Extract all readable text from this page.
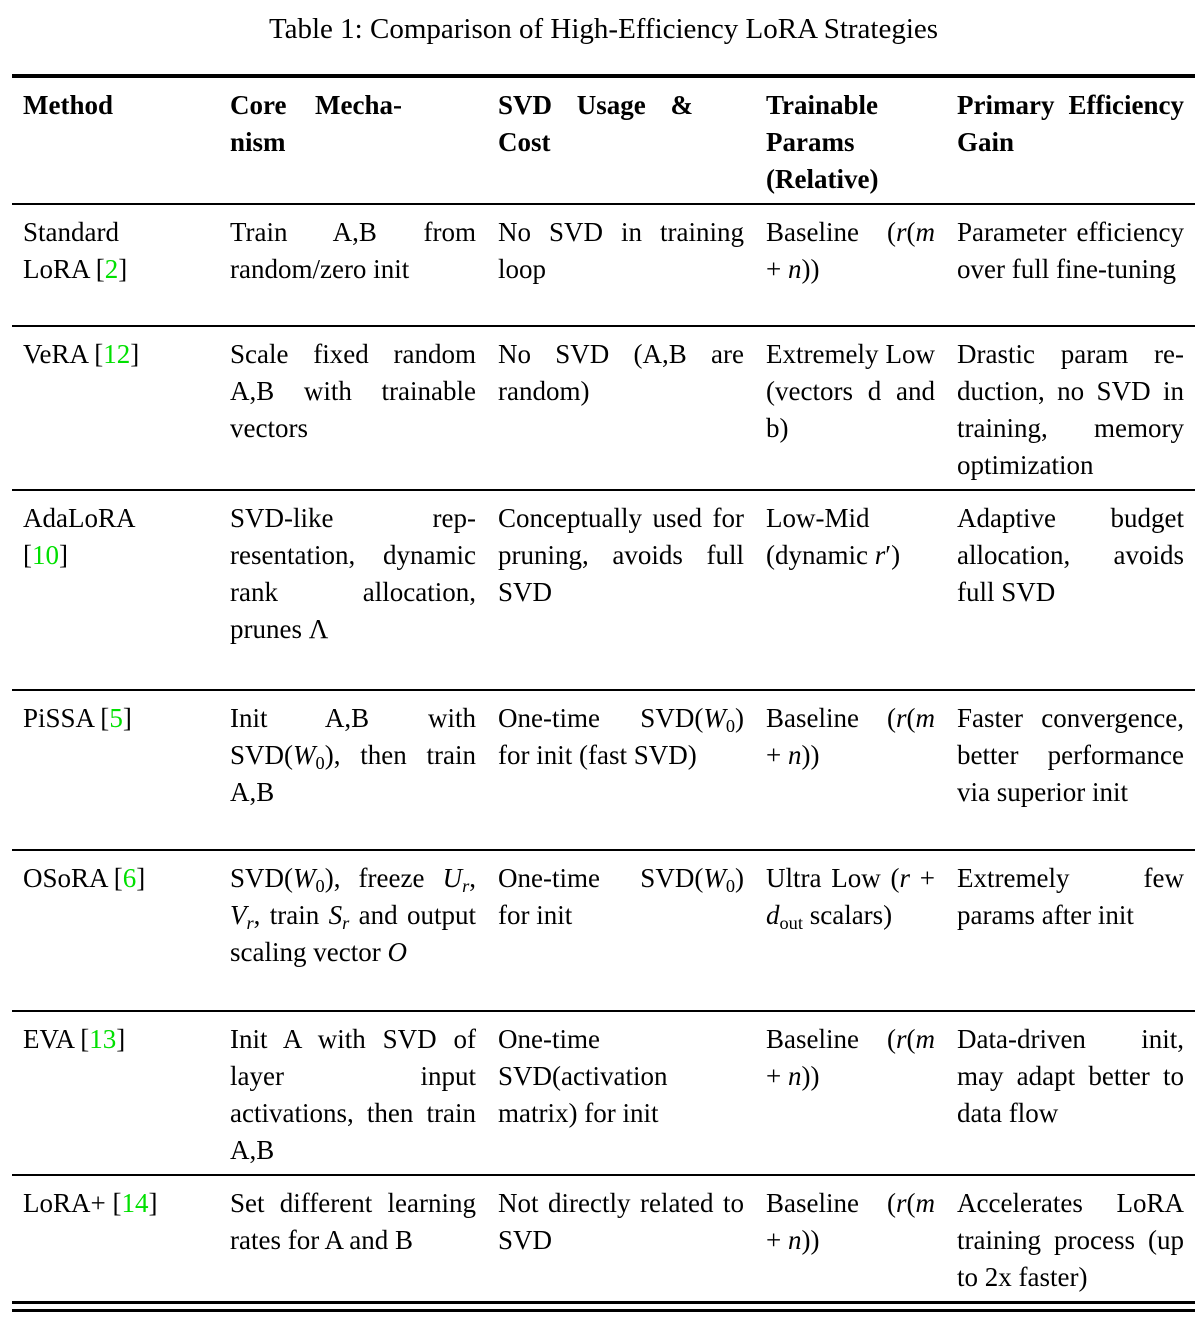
Table 1: Comparison of High-Efficiency LoRA Strategies
Method	Core Mechanism	SVD Usage & Cost	Trainable Params (Relative)	Primary Efficiency Gain

Standard LoRA [2]	Train A,B from random/zero init	No SVD in training loop	Baseline (r(m + n))	Parameter efficiency over full fine-tuning
VeRA [12]	Scale fixed random A,B with trainable vectors	No SVD (A,B are random)	Extremely Low (vectors d and b)	Drastic param reduction, no SVD in training, memory optimization
AdaLoRA [10]	SVD-like representation, dynamic rank allocation, prunes Λ	Conceptually used for pruning, avoids full SVD	Low-Mid (dynamic r′)	Adaptive budget allocation, avoids full SVD
PiSSA [5]	Init A,B with $SVD(W_0)$, then train A,B	One-time $SVD(W_0)$ for init (fast SVD)	Baseline (r(m + n))	Faster convergence, better performance via superior init
OSoRA [6]	$SVD(W_0)$, freeze $U_r$, $V_r$, train $S_r$ and output scaling vector O	One-time $SVD(W_0)$ for init	Ultra Low ($r + d_{out}$ scalars)	Extremely few params after init
EVA [13]	Init A with SVD of layer input activations, then train A,B	One-time SVD(activation matrix) for init	Baseline (r(m + n))	Data-driven init, may adapt better to data flow
LoRA+ [14]	Set different learning rates for A and B	Not directly related to SVD	Baseline (r(m + n))	Accelerates LoRA training process (up to 2x faster)
